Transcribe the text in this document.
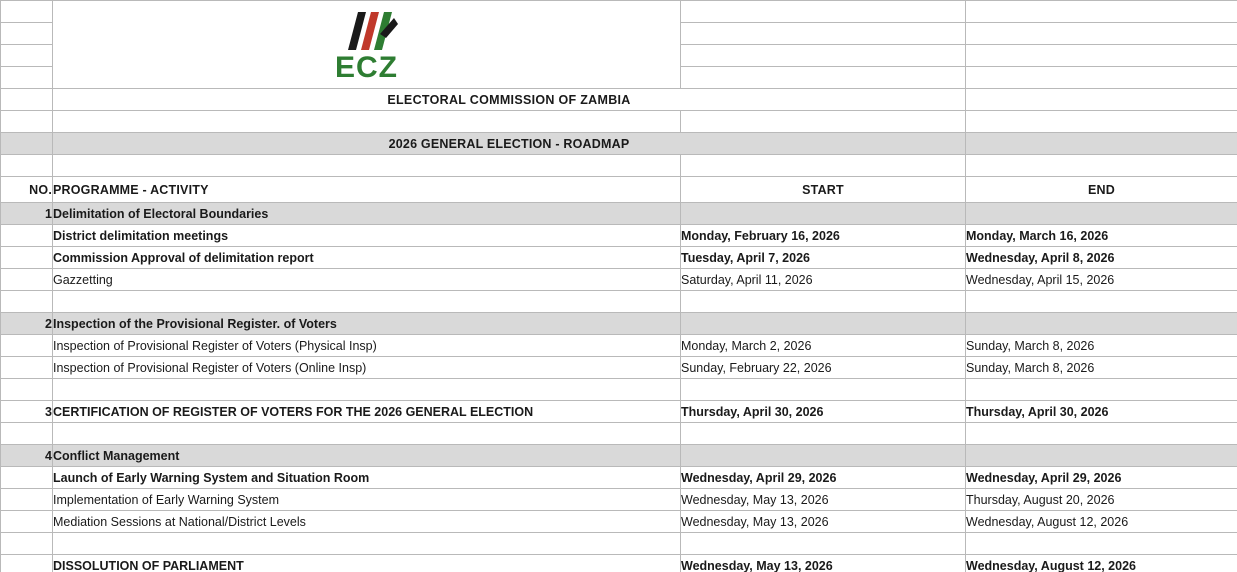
	ECZ		

	ELECTORAL COMMISSION OF ZAMBIA		

	2026 GENERAL ELECTION - ROADMAP		

NO.	PROGRAMME - ACTIVITY	START	END
1	Delimitation of Electoral Boundaries		
	District delimitation meetings	Monday, February 16, 2026	Monday, March 16, 2026
	Commission Approval of delimitation report	Tuesday, April 7, 2026	Wednesday, April 8, 2026
	Gazzetting	Saturday, April 11, 2026	Wednesday, April 15, 2026

2	Inspection of the Provisional Register. of Voters		
	Inspection of Provisional Register of Voters (Physical Insp)	Monday, March 2, 2026	Sunday, March 8, 2026
	Inspection of Provisional Register of Voters (Online Insp)	Sunday, February 22, 2026	Sunday, March 8, 2026

3	CERTIFICATION OF REGISTER OF VOTERS FOR THE 2026 GENERAL ELECTION	Thursday, April 30, 2026	Thursday, April 30, 2026

4	Conflict Management		
	Launch of Early Warning System and Situation Room	Wednesday, April 29, 2026	Wednesday, April 29, 2026
	Implementation of Early Warning System	Wednesday, May 13, 2026	Thursday, August 20, 2026
	Mediation Sessions at National/District Levels	Wednesday, May 13, 2026	Wednesday, August 12, 2026

	DISSOLUTION OF PARLIAMENT	Wednesday, May 13, 2026	Wednesday, August 12, 2026
